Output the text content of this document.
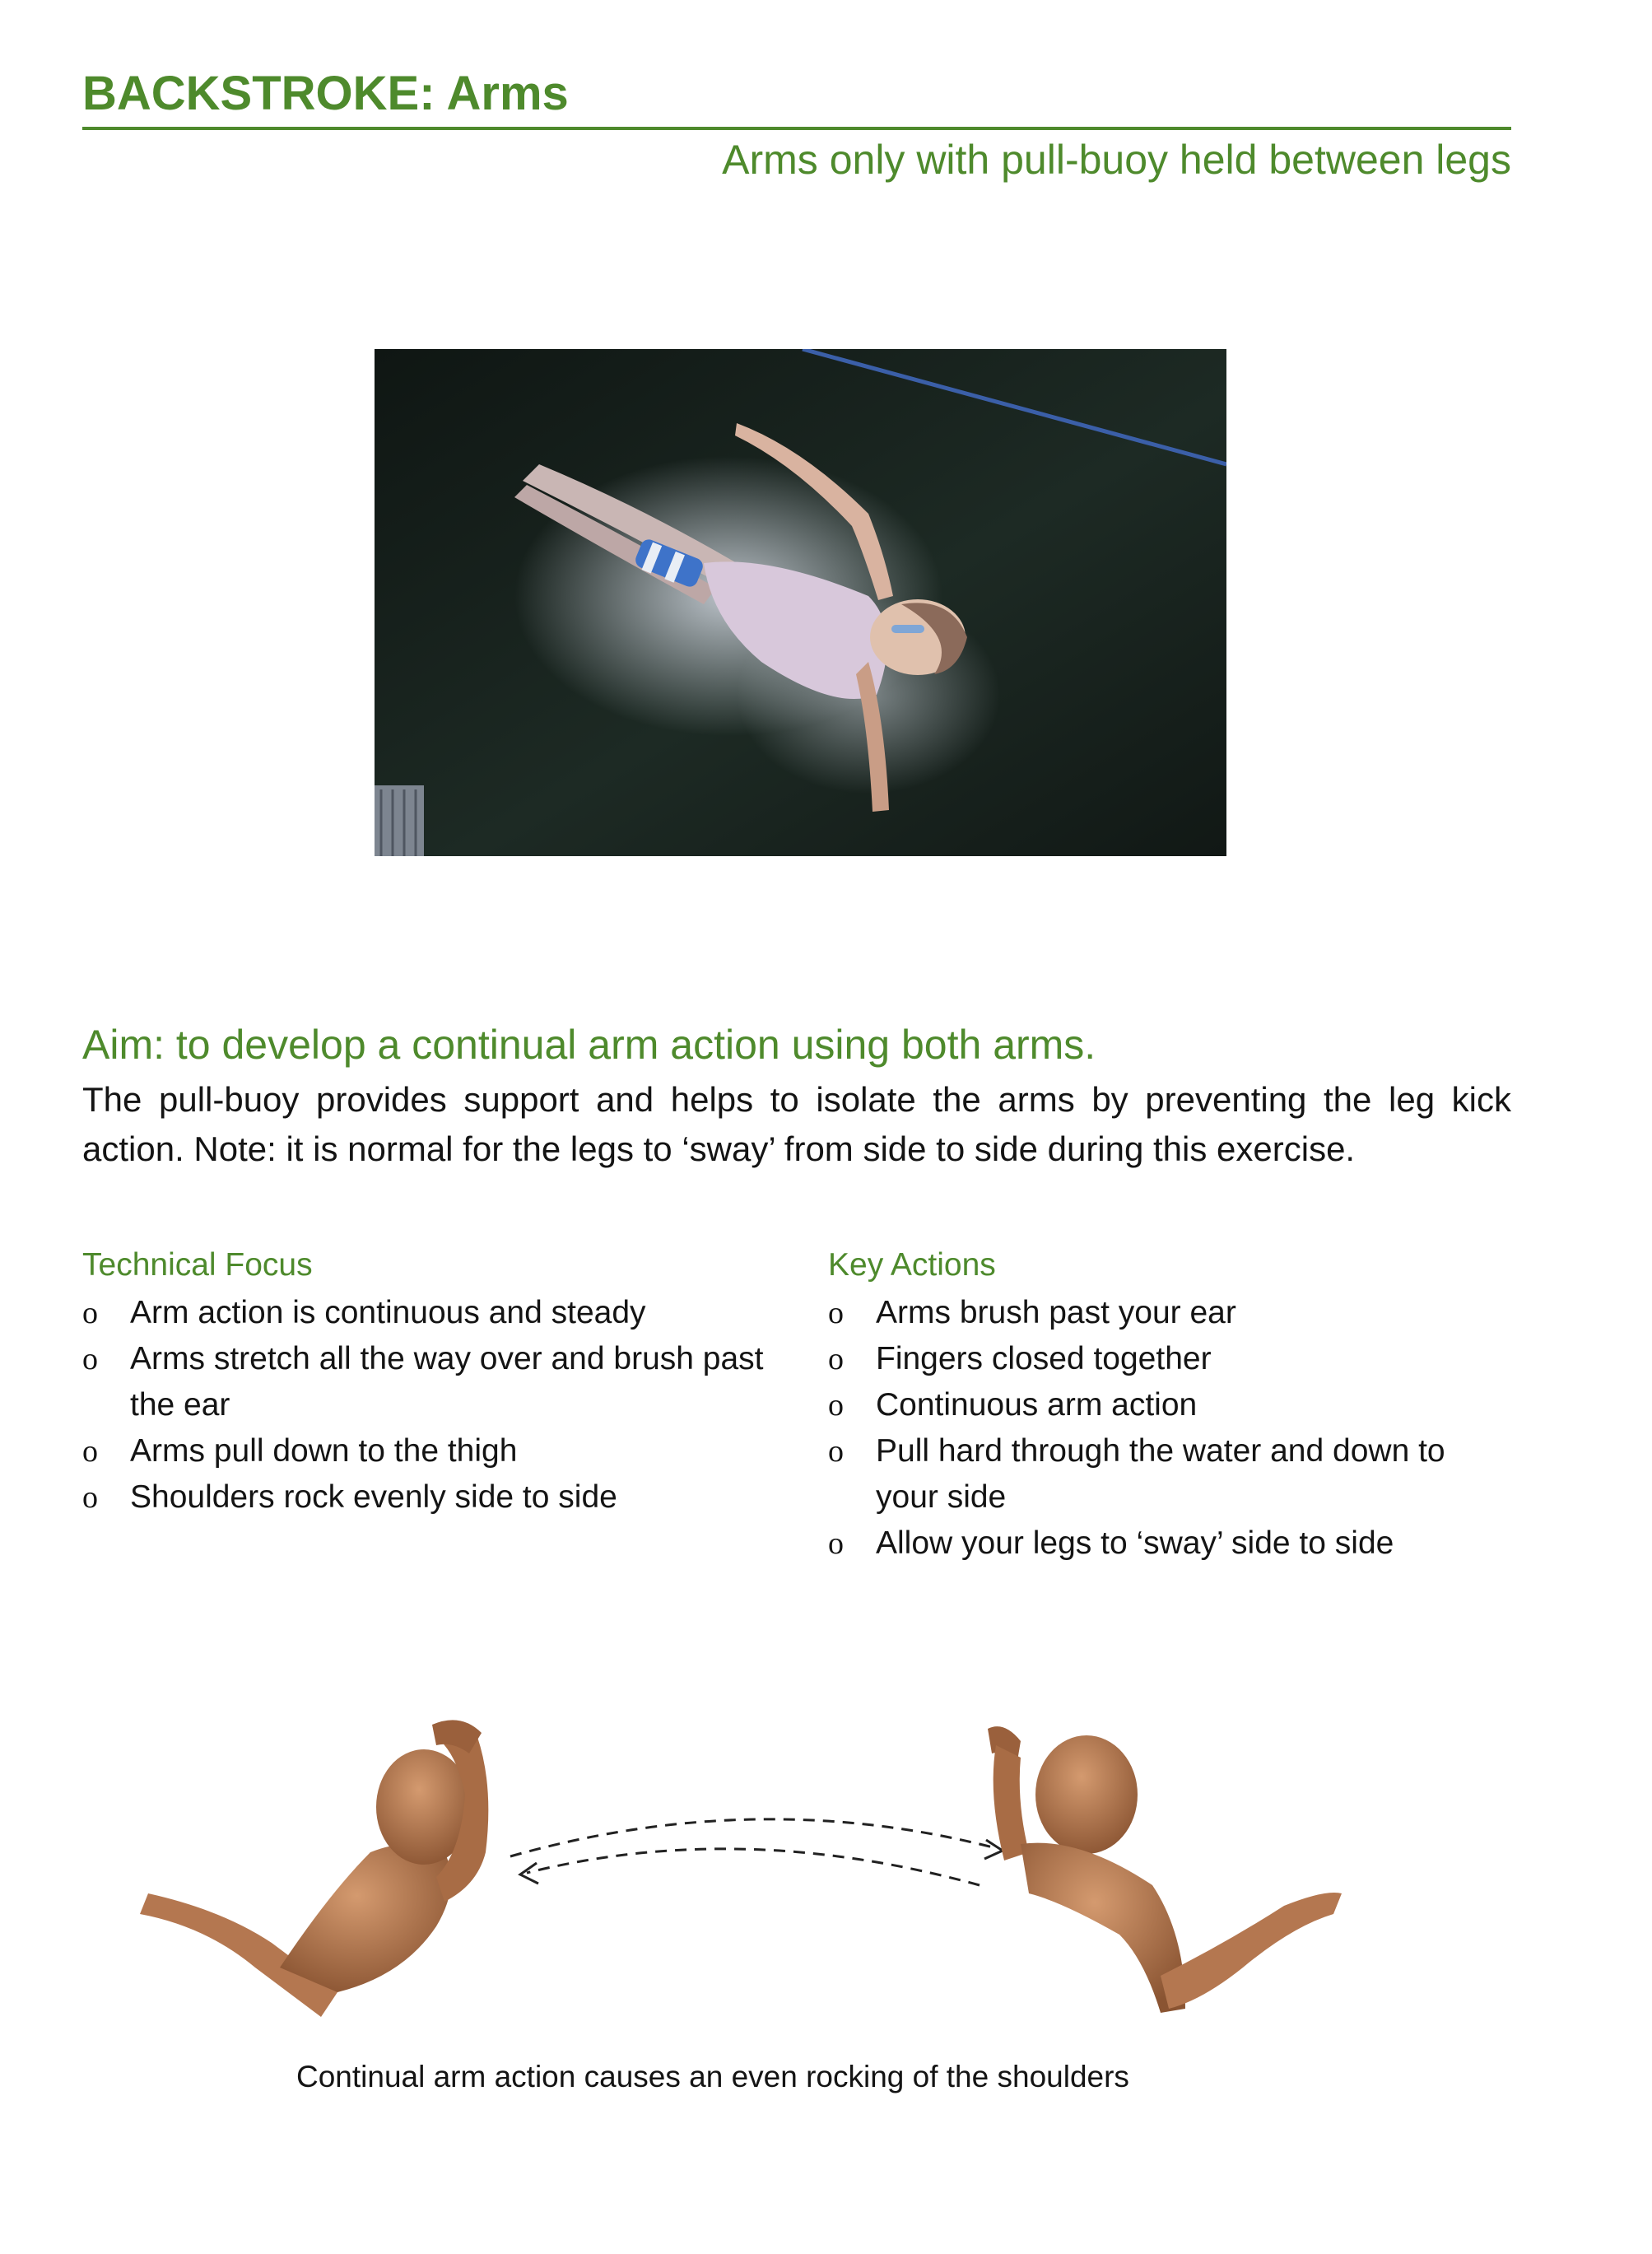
BACKSTROKE: Arms
Arms only with pull-buoy held between legs
Aim: to develop a continual arm action using both arms.

The pull-buoy provides support and helps to isolate the arms by preventing the leg kick action. Note: it is normal for the legs to ‘sway’ from side to side during this exercise.

Technical Focus
o Arm action is continuous and steady
o Arms stretch all the way over and brush past the ear
o Arms pull down to the thigh
o Shoulders rock evenly side to side
Key Actions
o Arms brush past your ear
o Fingers closed together
o Continuous arm action
o Pull hard through the water and down to your side
o Allow your legs to ‘sway’ side to side
Continual arm action causes an even rocking of the shoulders
